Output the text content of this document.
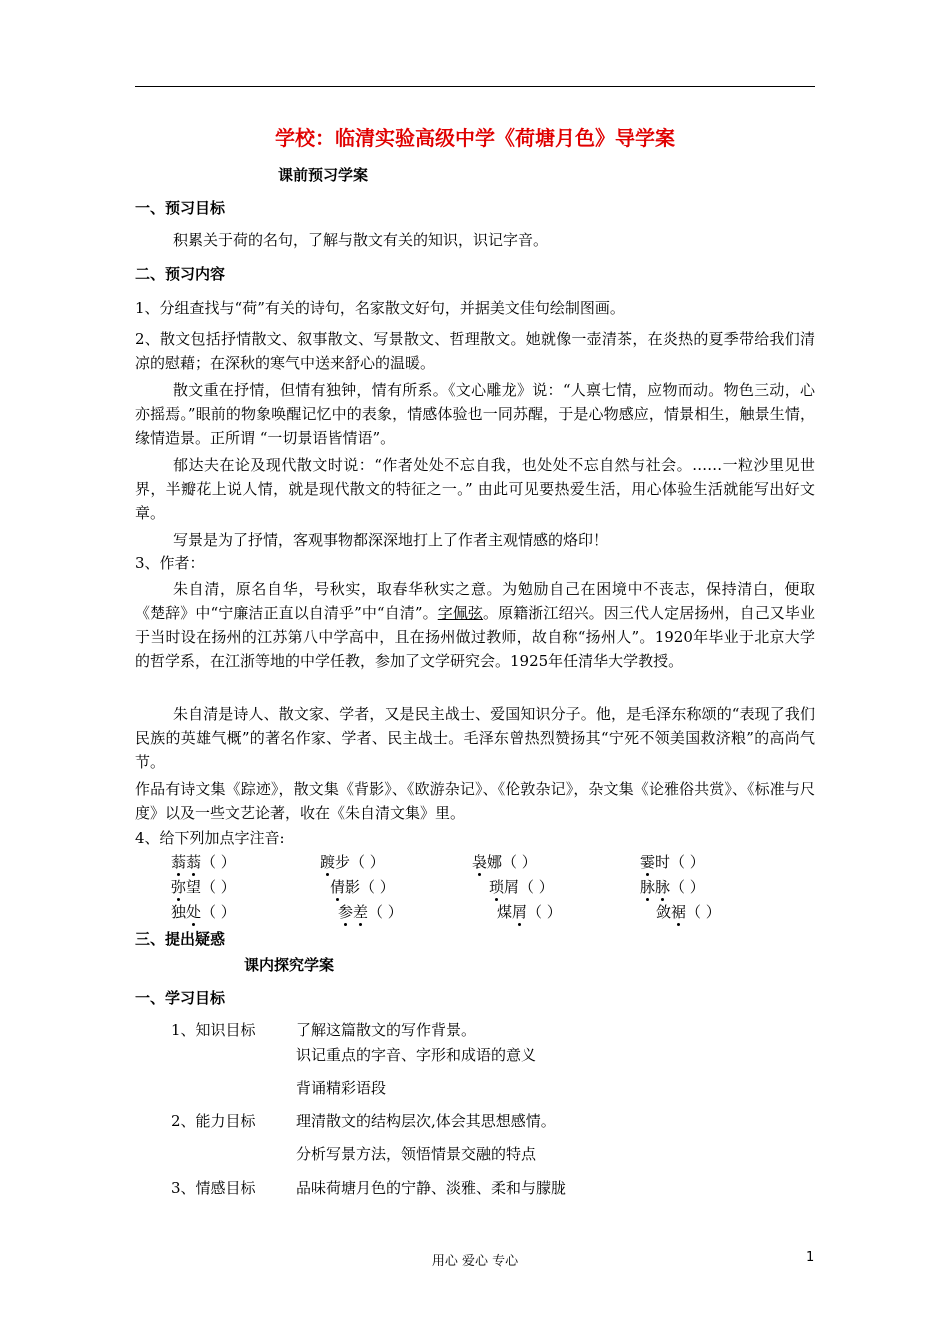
学校：临清实验高级中学《荷塘月色》导学案
课前预习学案
一、预习目标
积累关于荷的名句，了解与散文有关的知识，识记字音。
二、预习内容
1、分组查找与“荷”有关的诗句，名家散文好句，并据美文佳句绘制图画。
2、散文包括抒情散文、叙事散文、写景散文、哲理散文。她就像一壶清茶，在炎热的夏季带给我们清凉的慰藉；在深秋的寒气中送来舒心的温暖。
散文重在抒情，但情有独钟，情有所系。《文心雕龙》说：“人禀七情，应物而动。物色三动，心亦摇焉。”眼前的物象唤醒记忆中的表象，情感体验也一同苏醒，于是心物感应，情景相生，触景生情，缘情造景。正所谓 “一切景语皆情语”。
郁达夫在论及现代散文时说：“作者处处不忘自我，也处处不忘自然与社会。……一粒沙里见世界，半瓣花上说人情，就是现代散文的特征之一。” 由此可见要热爱生活，用心体验生活就能写出好文章。
写景是为了抒情，客观事物都深深地打上了作者主观情感的烙印！
3、作者：
朱自清，原名自华，号秋实，取春华秋实之意。为勉励自己在困境中不丧志，保持清白，便取《楚辞》中“宁廉洁正直以自清乎”中“自清”。字佩弦。原籍浙江绍兴。因三代人定居扬州，自己又毕业于当时设在扬州的江苏第八中学高中，且在扬州做过教师，故自称“扬州人”。1920年毕业于北京大学的哲学系，在江浙等地的中学任教，参加了文学研究会。1925年任清华大学教授。
朱自清是诗人、散文家、学者，又是民主战士、爱国知识分子。他，是毛泽东称颂的“表现了我们民族的英雄气概”的著名作家、学者、民主战士。毛泽东曾热烈赞扬其“宁死不领美国救济粮”的高尚气节。
作品有诗文集《踪迹》，散文集《背影》、《欧游杂记》、《伦敦杂记》，杂文集《论雅俗共赏》、《标准与尺度》以及一些文艺论著，收在《朱自清文集》里。
4、给下列加点字注音:
蓊蓊（ ）	踱步（ ）	袅娜（ ）	霎时（ ）
弥望（ ）	倩影（ ）	琐屑（ ）	脉脉（ ）
独处（ ）	参差（ ）	煤屑（ ）	敛裾（ ）
三、提出疑惑
课内探究学案
一、学习目标
1、知识目标	了解这篇散文的写作背景。
识记重点的字音、字形和成语的意义
背诵精彩语段
2、能力目标	理清散文的结构层次,体会其思想感情。
分析写景方法，领悟情景交融的特点
3、情感目标	品味荷塘月色的宁静、淡雅、柔和与朦胧
用心 爱心 专心	1
